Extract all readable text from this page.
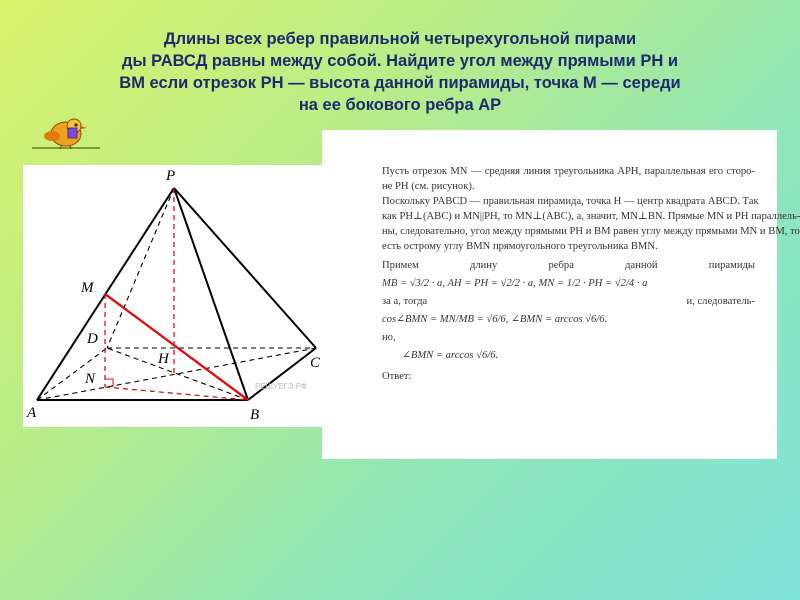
Длины всех ребер правильной четырехугольной пирами
ды РАВСД равны между собой. Найдите угол между прямыми РН и
ВМ если отрезок РН — высота данной пирамиды, точка М — середи
на ее бокового ребра АР
P
M
D
N
H	C
A	B
РЕШУЕГЭ.РФ
Пусть отрезок MN — средняя линия треугольника APH, параллельная его сторо-
не PH (см. рисунок).
Поскольку PABCD — правильная пирамида, точка H — центр квадрата ABCD. Так
как PH⊥(ABC) и MN||PH, то MN⊥(ABC), а, значит, MN⊥BN. Прямые MN и PH параллель-
ны, следовательно, угол между прямыми PH и BM равен углу между прямыми MN и BM, то
есть острому углу BMN прямоугольного треугольника BMN.
Примем длину ребра данной пирамиды
MB = √3/2 · a, AH = PH = √2/2 · a, MN = 1/2 · PH = √2/4 · a
за a, тогда	и, следователь-
cos∠BMN = MN/MB = √6/6, ∠BMN = arccos √6/6.
но,
∠BMN = arccos √6/6.
Ответ:
